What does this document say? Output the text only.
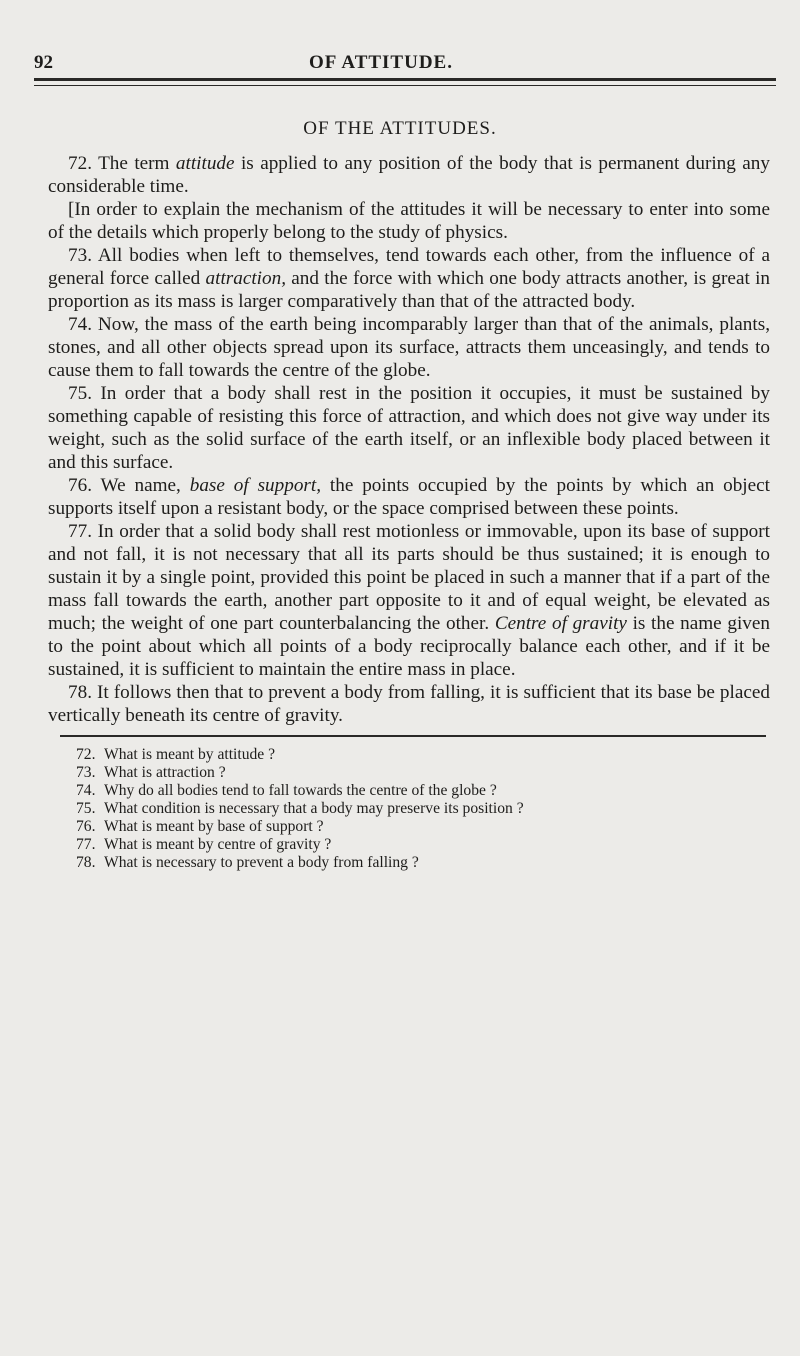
92	OF ATTITUDE.
OF THE ATTITUDES.

72. The term attitude is applied to any position of the body that is permanent during any considerable time.

[In order to explain the mechanism of the attitudes it will be necessary to enter into some of the details which properly belong to the study of physics.

73. All bodies when left to themselves, tend towards each other, from the influence of a general force called attraction, and the force with which one body attracts another, is great in proportion as its mass is larger comparatively than that of the attracted body.

74. Now, the mass of the earth being incomparably larger than that of the animals, plants, stones, and all other objects spread upon its surface, attracts them unceasingly, and tends to cause them to fall towards the centre of the globe.

75. In order that a body shall rest in the position it occupies, it must be sustained by something capable of resisting this force of attraction, and which does not give way under its weight, such as the solid surface of the earth itself, or an inflexible body placed between it and this surface.

76. We name, base of support, the points occupied by the points by which an object supports itself upon a resistant body, or the space comprised between these points.

77. In order that a solid body shall rest motionless or immovable, upon its base of support and not fall, it is not necessary that all its parts should be thus sustained; it is enough to sustain it by a single point, provided this point be placed in such a manner that if a part of the mass fall towards the earth, another part opposite to it and of equal weight, be elevated as much; the weight of one part counterbalancing the other. Centre of gravity is the name given to the point about which all points of a body reciprocally balance each other, and if it be sustained, it is sufficient to maintain the entire mass in place.

78. It follows then that to prevent a body from falling, it is sufficient that its base be placed vertically beneath its centre of gravity.

72. What is meant by attitude ?
73. What is attraction ?
74. Why do all bodies tend to fall towards the centre of the globe ?
75. What condition is necessary that a body may preserve its position ?
76. What is meant by base of support ?
77. What is meant by centre of gravity ?
78. What is necessary to prevent a body from falling ?
